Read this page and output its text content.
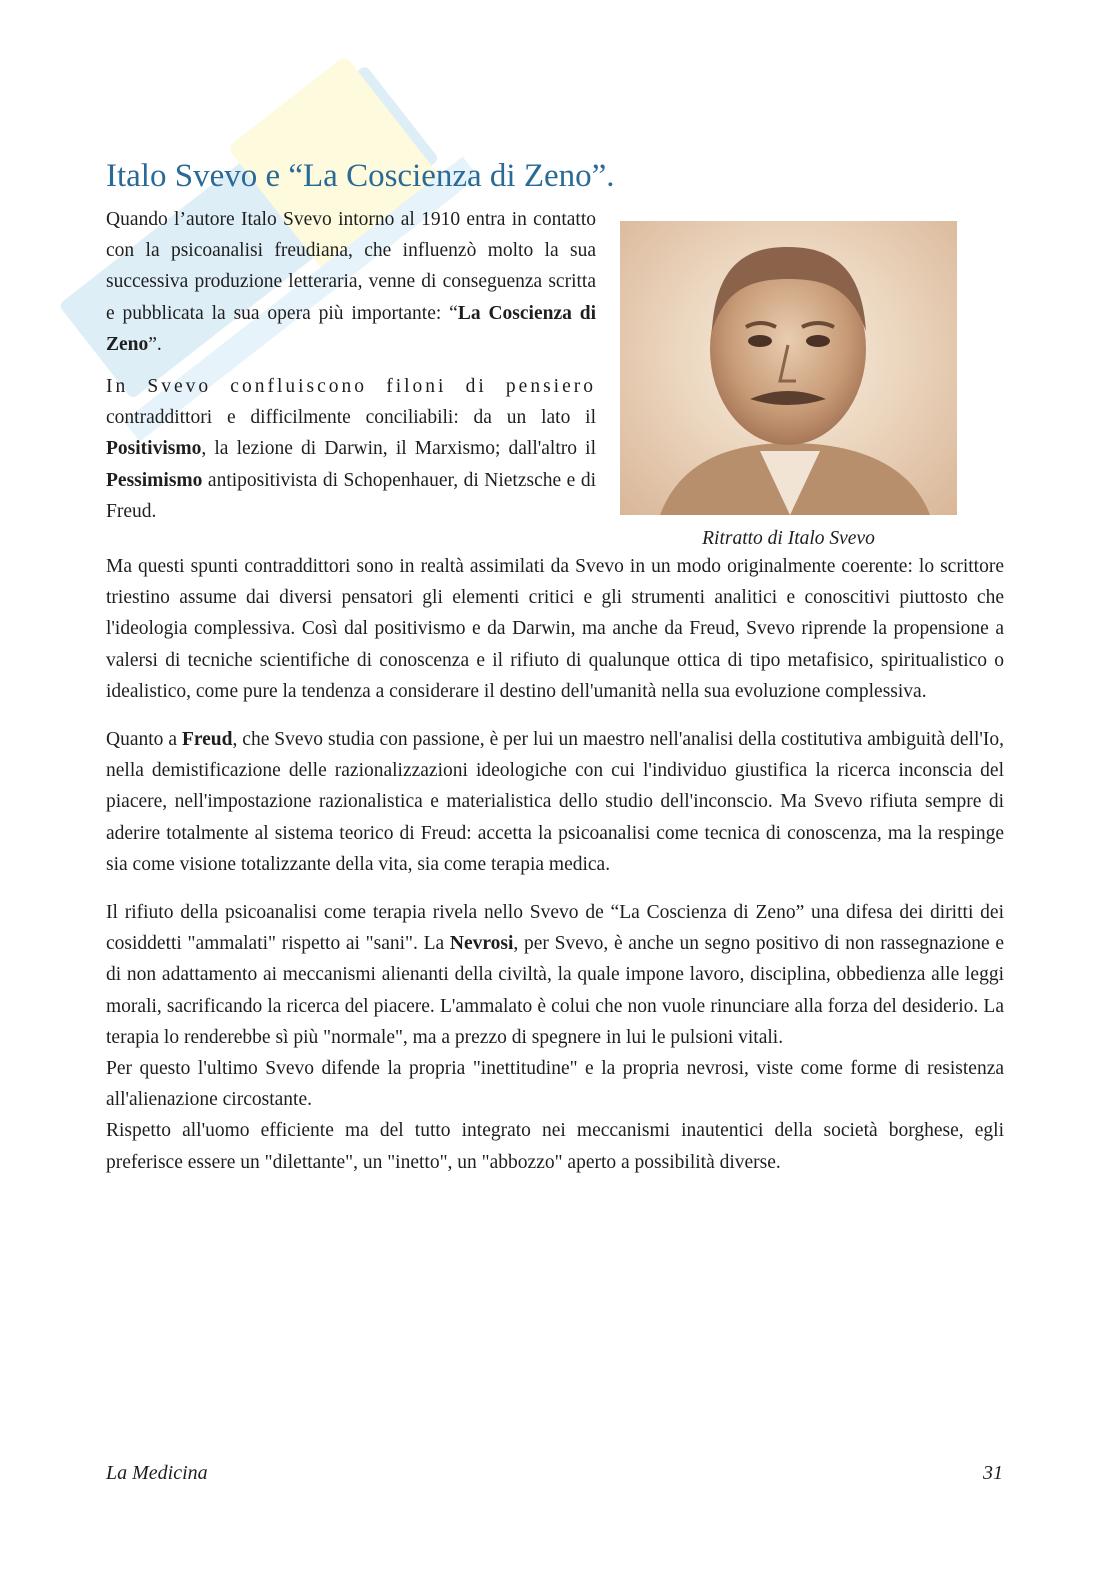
Italo Svevo e “La Coscienza di Zeno”.

Quando l’autore Italo Svevo intorno al 1910 entra in contatto con la psicoanalisi freudiana, che influenzò molto la sua successiva produzione letteraria, venne di conseguenza scritta e pubblicata la sua opera più importante: “La Coscienza di Zeno”.

In Svevo confluiscono filoni di pensiero contraddittori e difficilmente conciliabili: da un lato il Positivismo, la lezione di Darwin, il Marxismo; dall'altro il Pessimismo antipositivista di Schopenhauer, di Nietzsche e di Freud.

Ritratto di Italo Svevo

Ma questi spunti contraddittori sono in realtà assimilati da Svevo in un modo originalmente coerente: lo scrittore triestino assume dai diversi pensatori gli elementi critici e gli strumenti analitici e conoscitivi piuttosto che l'ideologia complessiva. Così dal positivismo e da Darwin, ma anche da Freud, Svevo riprende la propensione a valersi di tecniche scientifiche di conoscenza e il rifiuto di qualunque ottica di tipo metafisico, spiritualistico o idealistico, come pure la tendenza a considerare il destino dell'umanità nella sua evoluzione complessiva.

Quanto a Freud, che Svevo studia con passione, è per lui un maestro nell'analisi della costitutiva ambiguità dell'Io, nella demistificazione delle razionalizzazioni ideologiche con cui l'individuo giustifica la ricerca inconscia del piacere, nell'impostazione razionalistica e materialistica dello studio dell'inconscio. Ma Svevo rifiuta sempre di aderire totalmente al sistema teorico di Freud: accetta la psicoanalisi come tecnica di conoscenza, ma la respinge sia come visione totalizzante della vita, sia come terapia medica.

Il rifiuto della psicoanalisi come terapia rivela nello Svevo de “La Coscienza di Zeno” una difesa dei diritti dei cosiddetti "ammalati" rispetto ai "sani". La Nevrosi, per Svevo, è anche un segno positivo di non rassegnazione e di non adattamento ai meccanismi alienanti della civiltà, la quale impone lavoro, disciplina, obbedienza alle leggi morali, sacrificando la ricerca del piacere. L'ammalato è colui che non vuole rinunciare alla forza del desiderio. La terapia lo renderebbe sì più "normale", ma a prezzo di spegnere in lui le pulsioni vitali.

Per questo l'ultimo Svevo difende la propria "inettitudine" e la propria nevrosi, viste come forme di resistenza all'alienazione circostante.

Rispetto all'uomo efficiente ma del tutto integrato nei meccanismi inautentici della società borghese, egli preferisce essere un "dilettante", un "inetto", un "abbozzo" aperto a possibilità diverse.

La Medicina	31
